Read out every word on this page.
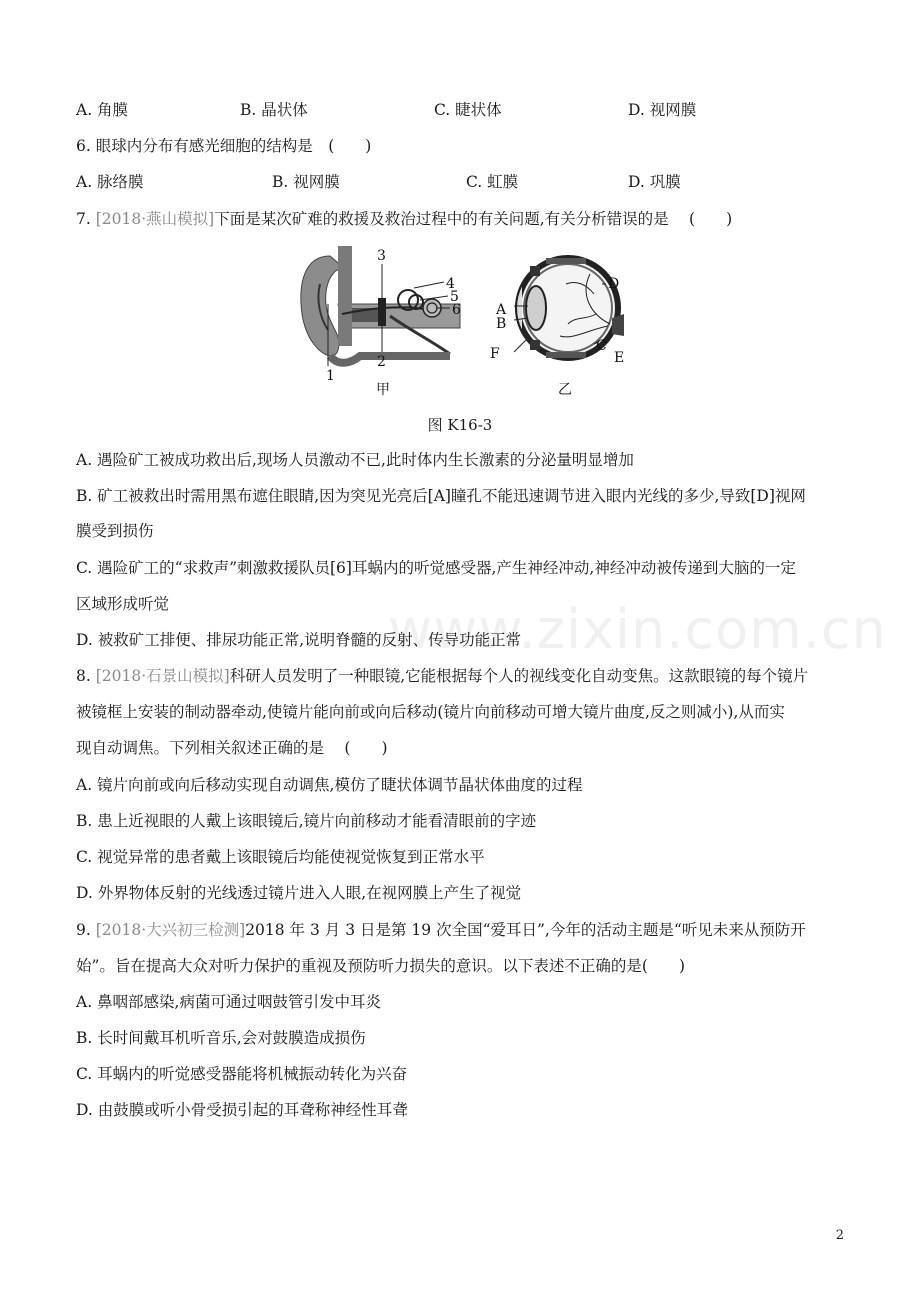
A. 角膜	B. 晶状体	C. 睫状体	D. 视网膜
6. 眼球内分布有感光细胞的结构是　(　　)
A. 脉络膜	B. 视网膜	C. 虹膜	D. 巩膜
7. [2018·燕山模拟]下面是某次矿难的救援及救治过程中的有关问题,有关分析错误的是　 (　　)
1
2
3
4
5
6
甲
A
B
C
D
E
F
乙
图 K16-3
A. 遇险矿工被成功救出后,现场人员激动不已,此时体内生长激素的分泌量明显增加
B. 矿工被救出时需用黑布遮住眼睛,因为突见光亮后[A]瞳孔不能迅速调节进入眼内光线的多少,导致[D]视网
膜受到损伤
C. 遇险矿工的“求救声”刺激救援队员[6]耳蜗内的听觉感受器,产生神经冲动,神经冲动被传递到大脑的一定
区域形成听觉
D. 被救矿工排便、排尿功能正常,说明脊髓的反射、传导功能正常
www.zixin.com.cn
8. [2018·石景山模拟]科研人员发明了一种眼镜,它能根据每个人的视线变化自动变焦。这款眼镜的每个镜片
被镜框上安装的制动器牵动,使镜片能向前或向后移动(镜片向前移动可增大镜片曲度,反之则减小),从而实
现自动调焦。下列相关叙述正确的是　 (　　)
A. 镜片向前或向后移动实现自动调焦,模仿了睫状体调节晶状体曲度的过程
B. 患上近视眼的人戴上该眼镜后,镜片向前移动才能看清眼前的字迹
C. 视觉异常的患者戴上该眼镜后均能使视觉恢复到正常水平
D. 外界物体反射的光线透过镜片进入人眼,在视网膜上产生了视觉
9. [2018·大兴初三检测]2018 年 3 月 3 日是第 19 次全国“爱耳日”,今年的活动主题是“听见未来从预防开
始”。旨在提高大众对听力保护的重视及预防听力损失的意识。以下表述不正确的是(　　)
A. 鼻咽部感染,病菌可通过咽鼓管引发中耳炎
B. 长时间戴耳机听音乐,会对鼓膜造成损伤
C. 耳蜗内的听觉感受器能将机械振动转化为兴奋
D. 由鼓膜或听小骨受损引起的耳聋称神经性耳聋
2
